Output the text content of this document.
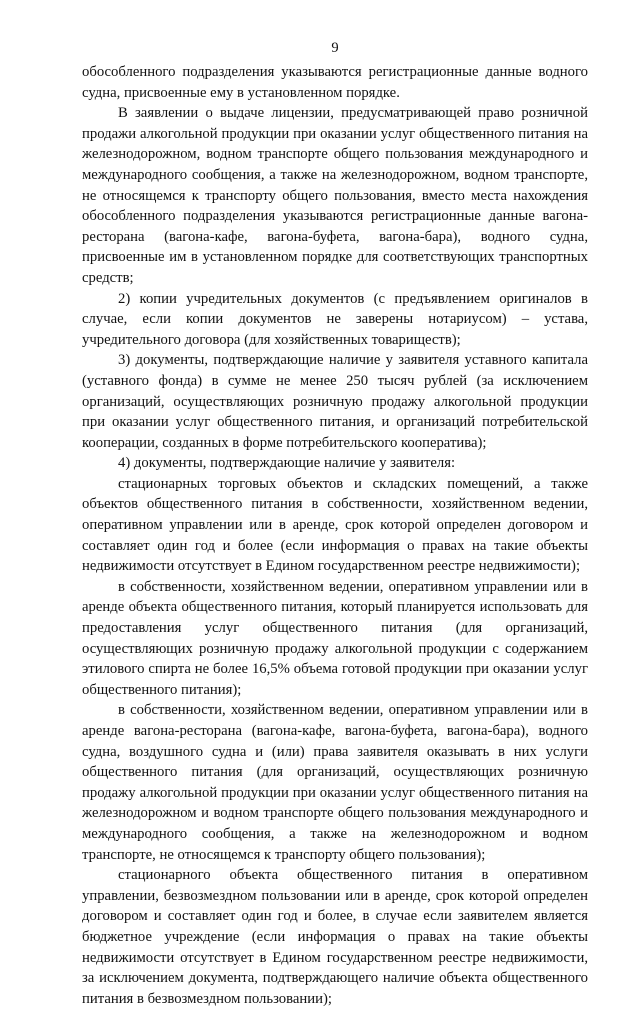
9

обособленного подразделения указываются регистрационные данные водного судна, присвоенные ему в установленном порядке.

В заявлении о выдаче лицензии, предусматривающей право розничной продажи алкогольной продукции при оказании услуг общественного питания на железнодорожном, водном транспорте общего пользования международного и международного сообщения, а также на железнодорожном, водном транспорте, не относящемся к транспорту общего пользования, вместо места нахождения обособленного подразделения указываются регистрационные данные вагона-ресторана (вагона-кафе, вагона-буфета, вагона-бара), водного судна, присвоенные им в установленном порядке для соответствующих транспортных средств;

2) копии учредительных документов (с предъявлением оригиналов в случае, если копии документов не заверены нотариусом) – устава, учредительного договора (для хозяйственных товариществ);

3) документы, подтверждающие наличие у заявителя уставного капитала (уставного фонда) в сумме не менее 250 тысяч рублей (за исключением организаций, осуществляющих розничную продажу алкогольной продукции при оказании услуг общественного питания, и организаций потребительской кооперации, созданных в форме потребительского кооператива);

4) документы, подтверждающие наличие у заявителя:

стационарных торговых объектов и складских помещений, а также объектов общественного питания в собственности, хозяйственном ведении, оперативном управлении или в аренде, срок которой определен договором и составляет один год и более (если информация о правах на такие объекты недвижимости отсутствует в Едином государственном реестре недвижимости);

в собственности, хозяйственном ведении, оперативном управлении или в аренде объекта общественного питания, который планируется использовать для предоставления услуг общественного питания (для организаций, осуществляющих розничную продажу алкогольной продукции с содержанием этилового спирта не более 16,5% объема готовой продукции при оказании услуг общественного питания);

в собственности, хозяйственном ведении, оперативном управлении или в аренде вагона-ресторана (вагона-кафе, вагона-буфета, вагона-бара), водного судна, воздушного судна и (или) права заявителя оказывать в них услуги общественного питания (для организаций, осуществляющих розничную продажу алкогольной продукции при оказании услуг общественного питания на железнодорожном и водном транспорте общего пользования международного и международного сообщения, а также на железнодорожном и водном транспорте, не относящемся к транспорту общего пользования);

стационарного объекта общественного питания в оперативном управлении, безвозмездном пользовании или в аренде, срок которой определен договором и составляет один год и более, в случае если заявителем является бюджетное учреждение (если информация о правах на такие объекты недвижимости отсутствует в Едином государственном реестре недвижимости, за исключением документа, подтверждающего наличие объекта общественного питания в безвозмездном пользовании);
